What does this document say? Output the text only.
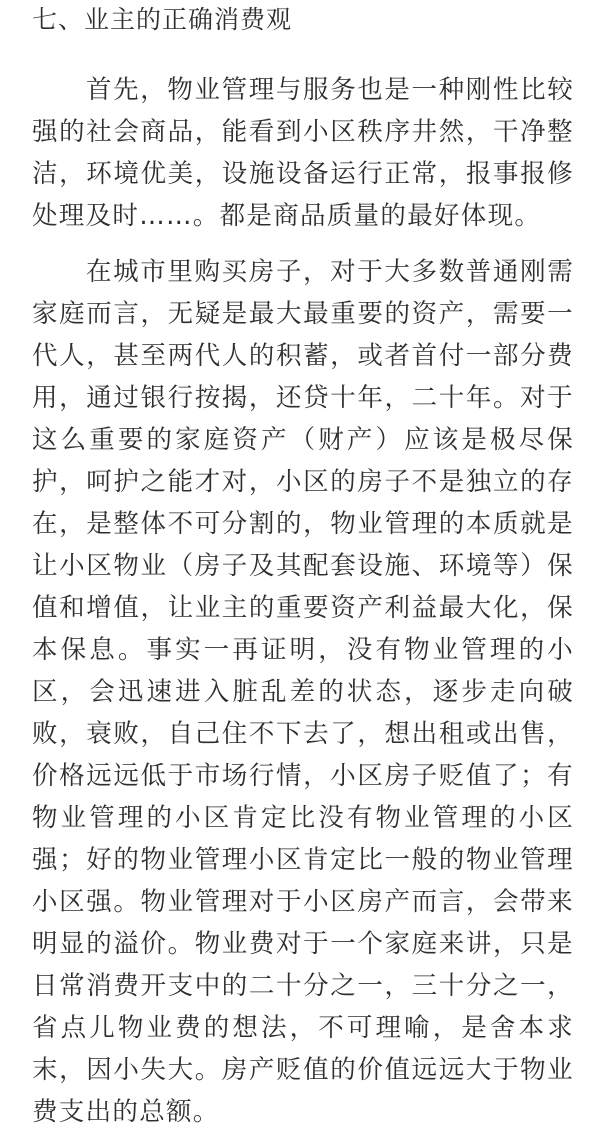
七、业主的正确消费观

首先，物业管理与服务也是一种刚性比较强的社会商品，能看到小区秩序井然，干净整洁，环境优美，设施设备运行正常，报事报修处理及时……。都是商品质量的最好体现。

在城市里购买房子，对于大多数普通刚需家庭而言，无疑是最大最重要的资产，需要一代人，甚至两代人的积蓄，或者首付一部分费用，通过银行按揭，还贷十年，二十年。对于这么重要的家庭资产（财产）应该是极尽保护，呵护之能才对，小区的房子不是独立的存在，是整体不可分割的，物业管理的本质就是让小区物业（房子及其配套设施、环境等）保值和增值，让业主的重要资产利益最大化，保本保息。事实一再证明，没有物业管理的小区，会迅速进入脏乱差的状态，逐步走向破败，衰败，自己住不下去了，想出租或出售，价格远远低于市场行情，小区房子贬值了；有物业管理的小区肯定比没有物业管理的小区强；好的物业管理小区肯定比一般的物业管理小区强。物业管理对于小区房产而言，会带来明显的溢价。物业费对于一个家庭来讲，只是日常消费开支中的二十分之一，三十分之一，省点儿物业费的想法，不可理喻，是舍本求末，因小失大。房产贬值的价值远远大于物业费支出的总额。
